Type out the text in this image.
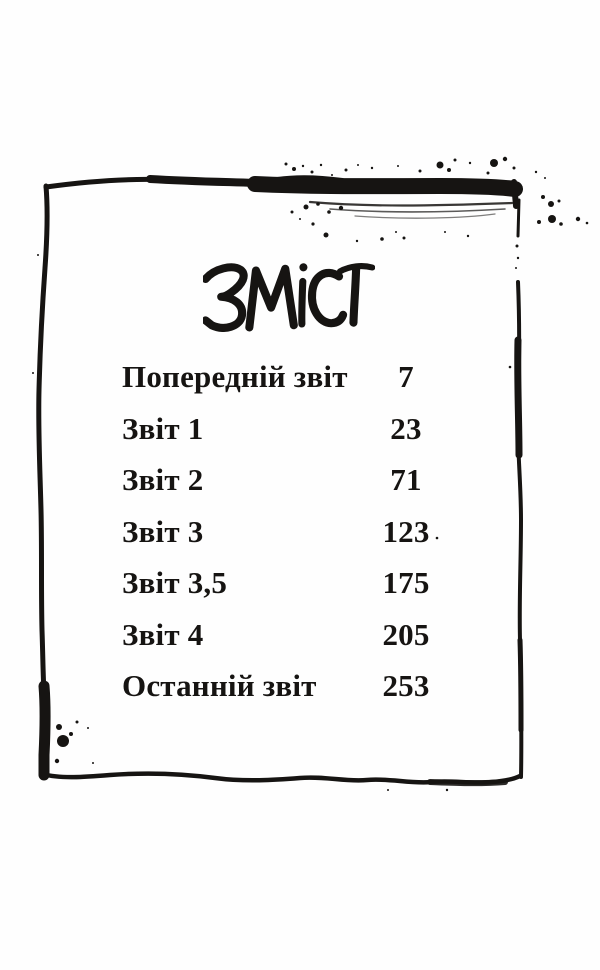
Попередній звіт	7
Звіт 1	23
Звіт 2	71
Звіт 3	123
Звіт 3,5	175
Звіт 4	205
Останній звіт	253
